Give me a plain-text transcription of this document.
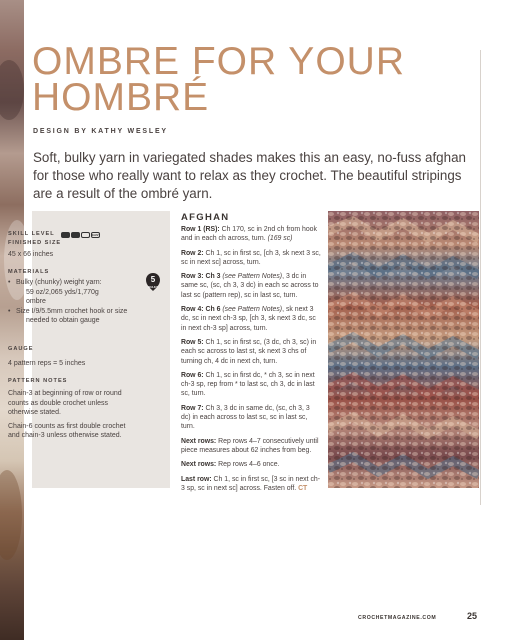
OMBRE FOR YOUR
HOMBRÉ
DESIGN BY KATHY WESLEY

Soft, bulky yarn in variegated shades makes this an easy, no-fuss afghan for those who really want to relax as they crochet. The beautiful stripings are a result of the ombré yarn.

SKILL LEVEL	EASY
FINISHED SIZE
45 x 66 inches
MATERIALS
• Bulky (chunky) weight yarn:
59 oz/2,065 yds/1,770g
ombre
• Size I/9/5.5mm crochet hook or size
needed to obtain gauge
5
BULKY
GAUGE
4 pattern reps = 5 inches
PATTERN NOTES

Chain-3 at beginning of row or round counts as double crochet unless otherwise stated.

Chain-6 counts as first double crochet and chain-3 unless otherwise stated.

AFGHAN

Row 1 (RS): Ch 170, sc in 2nd ch from hook and in each ch across, turn. (169 sc)

Row 2: Ch 1, sc in first sc, [ch 3, sk next 3 sc, sc in next sc] across, turn.

Row 3: Ch 3 (see Pattern Notes), 3 dc in same sc, (sc, ch 3, 3 dc) in each sc across to last sc (pattern rep), sc in last sc, turn.

Row 4: Ch 6 (see Pattern Notes), sk next 3 dc, sc in next ch-3 sp, [ch 3, sk next 3 dc, sc in next ch-3 sp] across, turn.

Row 5: Ch 1, sc in first sc, (3 dc, ch 3, sc) in each sc across to last st, sk next 3 chs of turning ch, 4 dc in next ch, turn.

Row 6: Ch 1, sc in first dc, * ch 3, sc in next ch-3 sp, rep from * to last sc, ch 3, dc in last sc, turn.

Row 7: Ch 3, 3 dc in same dc, (sc, ch 3, 3 dc) in each across to last sc, sc in last sc, turn.

Next rows: Rep rows 4–7 consecutively until piece measures about 62 inches from beg.

Next rows: Rep rows 4–6 once.

Last row: Ch 1, sc in first sc, [3 sc in next ch-3 sp, sc in next sc] across. Fasten off. CT

CROCHETMAGAZINE.COM	25
